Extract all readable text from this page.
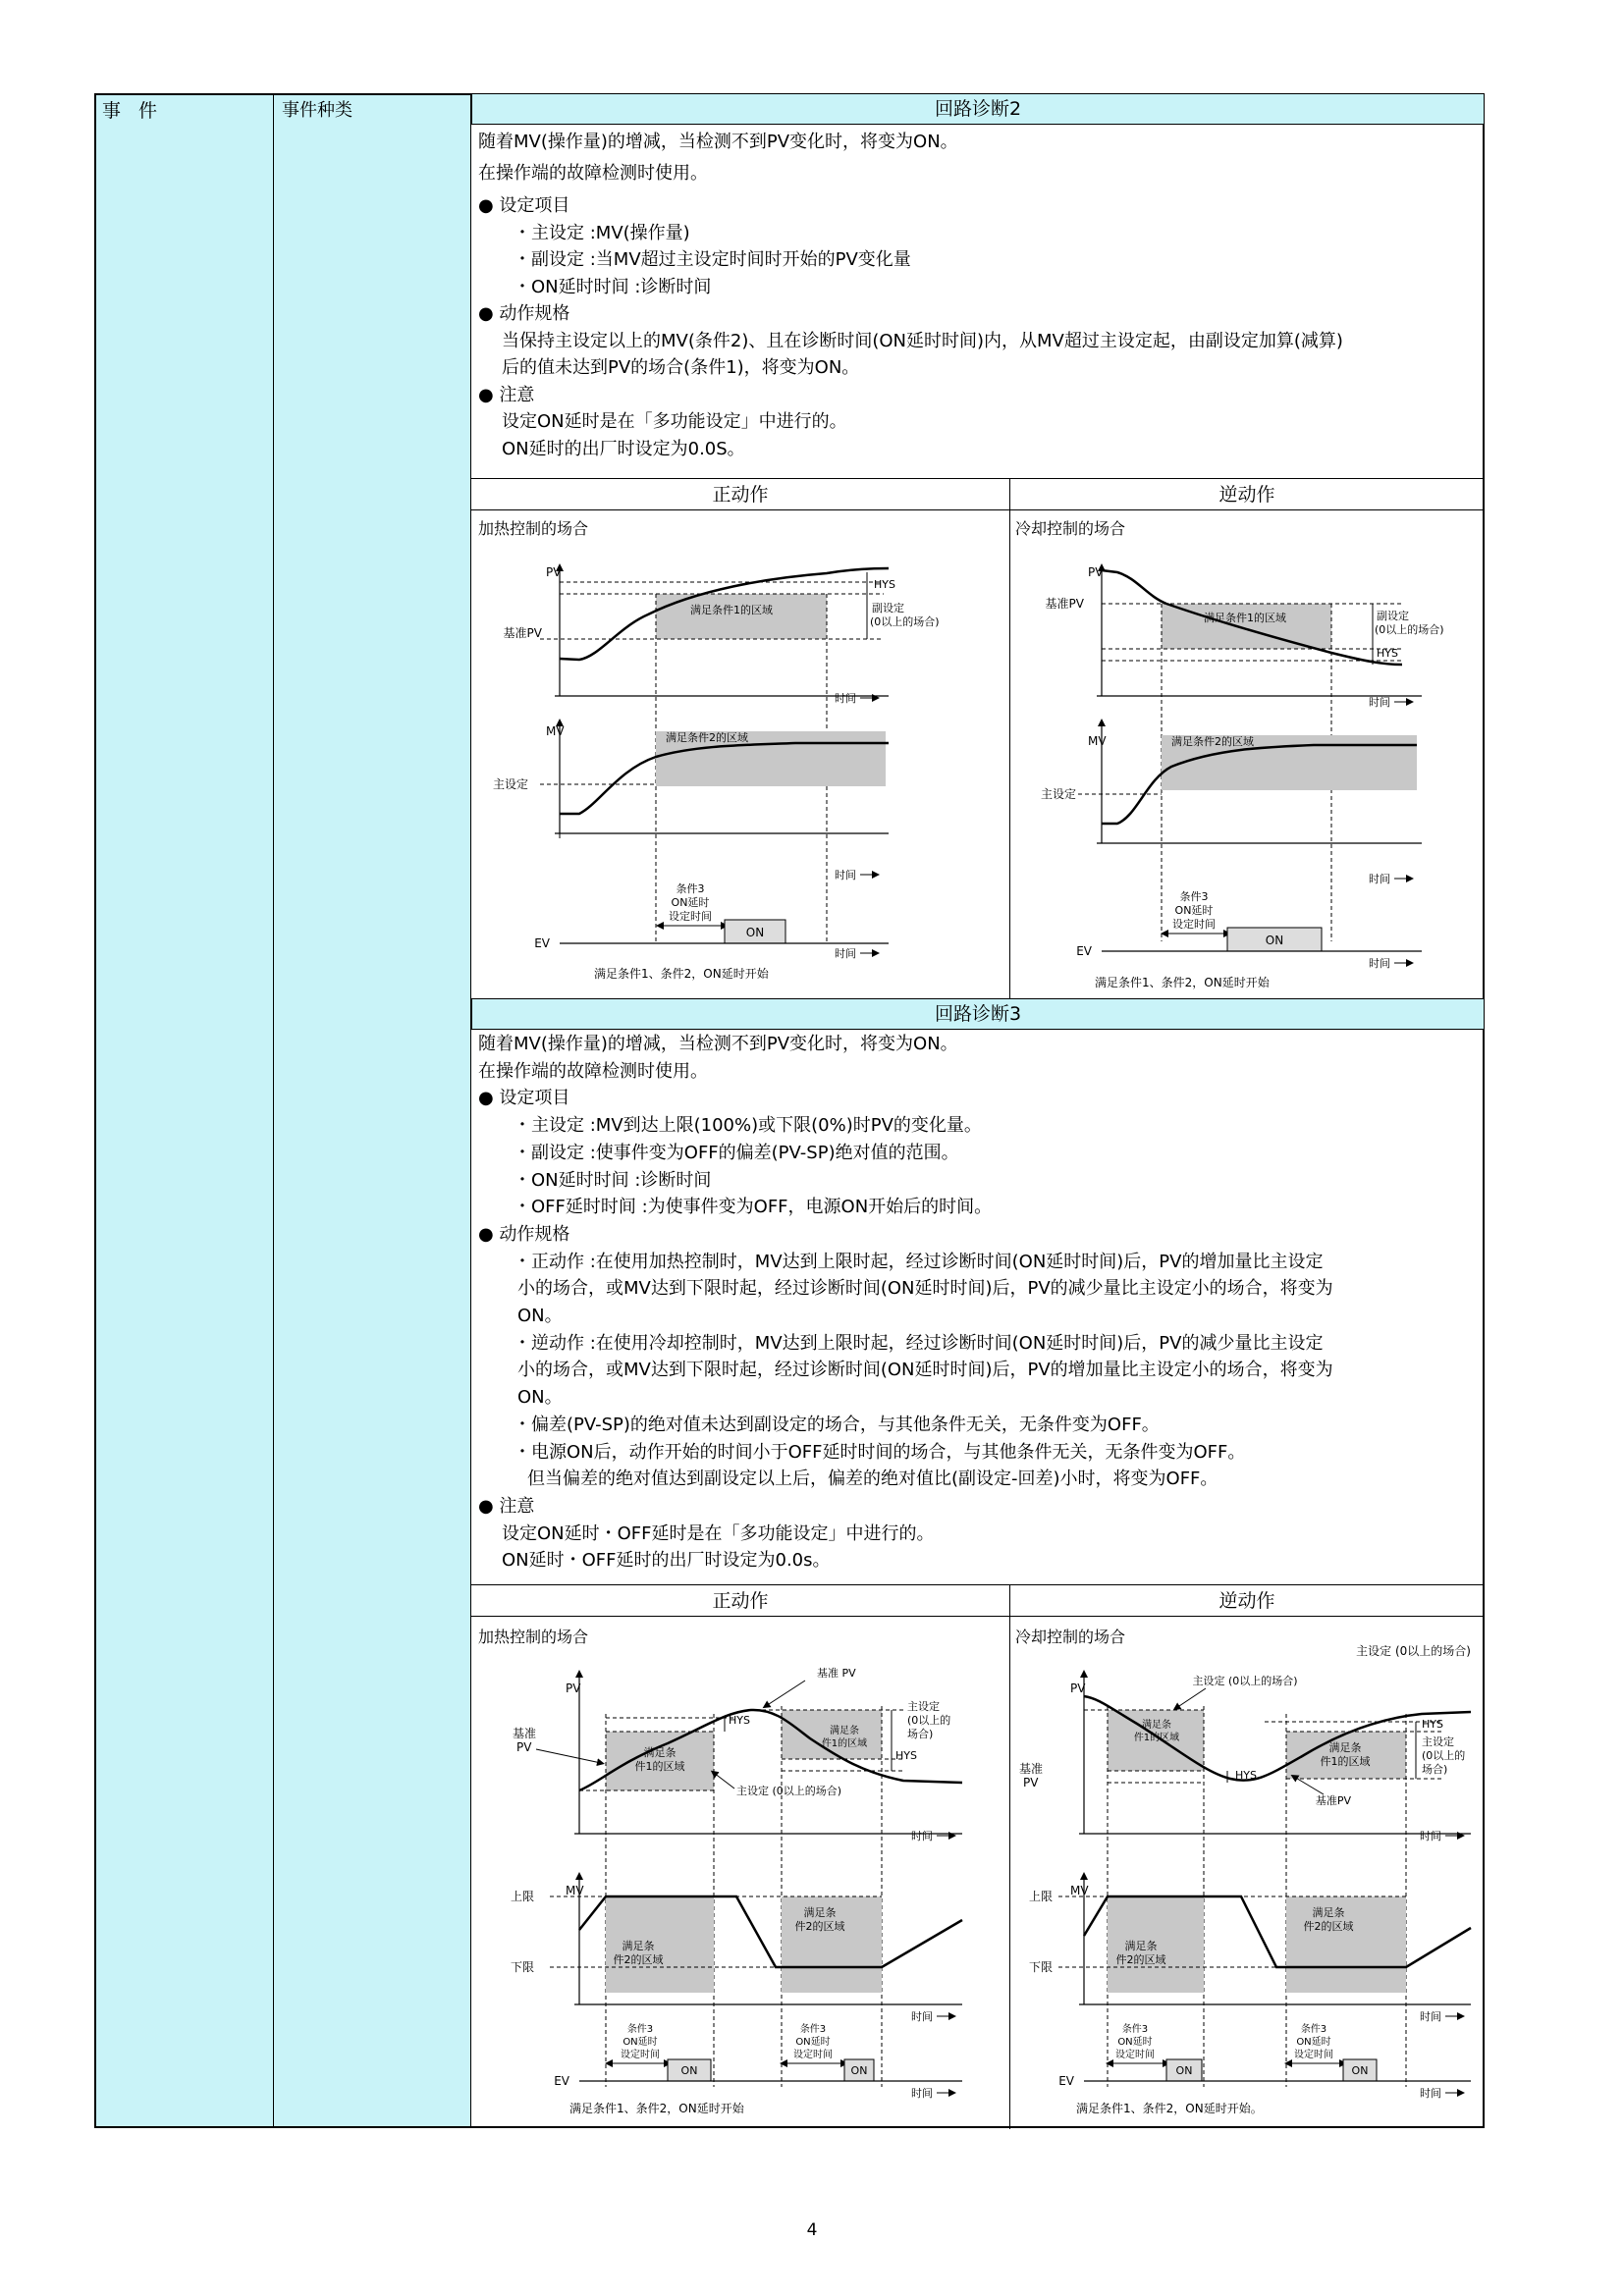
事 件	事件种类	回路诊断2
随着MV(操作量)的增减，当检测不到PV变化时，将变为ON。
在操作端的故障检测时使用。
● 设定项目
・主设定 :MV(操作量)
・副设定 :当MV超过主设定时间时开始的PV变化量
・ON延时时间 :诊断时间
● 动作规格
当保持主设定以上的MV(条件2)、且在诊断时间(ON延时时间)内，从MV超过主设定起，由副设定加算(减算)
后的值未达到PV的场合(条件1)，将变为ON。
● 注意
设定ON延时是在「多功能设定」中进行的。
ON延时的出厂时设定为0.0S。
正动作	逆动作
加热控制的场合
PV
基准PV
HYS
副设定
(0以上的场合)
满足条件1的区域
时间
MV
主设定
满足条件2的区域
时间
条件3
ON延时
设定时间
ON
EV
时间
满足条件1、条件2，ON延时开始
冷却控制的场合
PV
基准PV
副设定
(0以上的场合)
HYS
满足条件1的区域
时间
MV
主设定
满足条件2的区域
时间
条件3
ON延时
设定时间
ON
EV
时间
满足条件1、条件2，ON延时开始
回路诊断3
随着MV(操作量)的增减，当检测不到PV变化时，将变为ON。
在操作端的故障检测时使用。
● 设定项目
・主设定 :MV到达上限(100%)或下限(0%)时PV的变化量。
・副设定 :使事件变为OFF的偏差(PV-SP)绝对值的范围。
・ON延时时间 :诊断时间
・OFF延时时间 :为使事件变为OFF，电源ON开始后的时间。
● 动作规格
・正动作 :在使用加热控制时，MV达到上限时起，经过诊断时间(ON延时时间)后，PV的增加量比主设定
小的场合，或MV达到下限时起，经过诊断时间(ON延时时间)后，PV的减少量比主设定小的场合，将变为
ON。
・逆动作 :在使用冷却控制时，MV达到上限时起，经过诊断时间(ON延时时间)后，PV的减少量比主设定
小的场合，或MV达到下限时起，经过诊断时间(ON延时时间)后，PV的增加量比主设定小的场合，将变为
ON。
・偏差(PV-SP)的绝对值未达到副设定的场合，与其他条件无关，无条件变为OFF。
・电源ON后，动作开始的时间小于OFF延时时间的场合，与其他条件无关，无条件变为OFF。
但当偏差的绝对值达到副设定以上后，偏差的绝对值比(副设定-回差)小时，将变为OFF。
● 注意
设定ON延时・OFF延时是在「多功能设定」中进行的。
ON延时・OFF延时的出厂时设定为0.0s。
正动作	逆动作
加热控制的场合
PV
基准 PV
基准
PV
HYS
HYS
主设定
(0以上的
场合)
满足条
件1的区域
满足条
件1的区域
主设定 (0以上的场合)
时间
MV
上限
下限
满足条
件2的区域
满足条
件2的区域
时间
条件3
ON延时
设定时间
ON
条件3
ON延时
设定时间
ON
EV
时间
满足条件1、条件2，ON延时开始
冷却控制的场合
主设定 (0以上的场合)
PV
主设定 (0以上的场合)
满足条
件1的区域
HYS
HYS
主设定
(0以上的
场合)
满足条
件1的区域
基准
PV
基准PV
时间
MV
上限
下限
满足条
件2的区域
满足条
件2的区域
时间
条件3
ON延时
设定时间
ON
条件3
ON延时
设定时间
ON
EV
时间
满足条件1、条件2，ON延时开始。
4
